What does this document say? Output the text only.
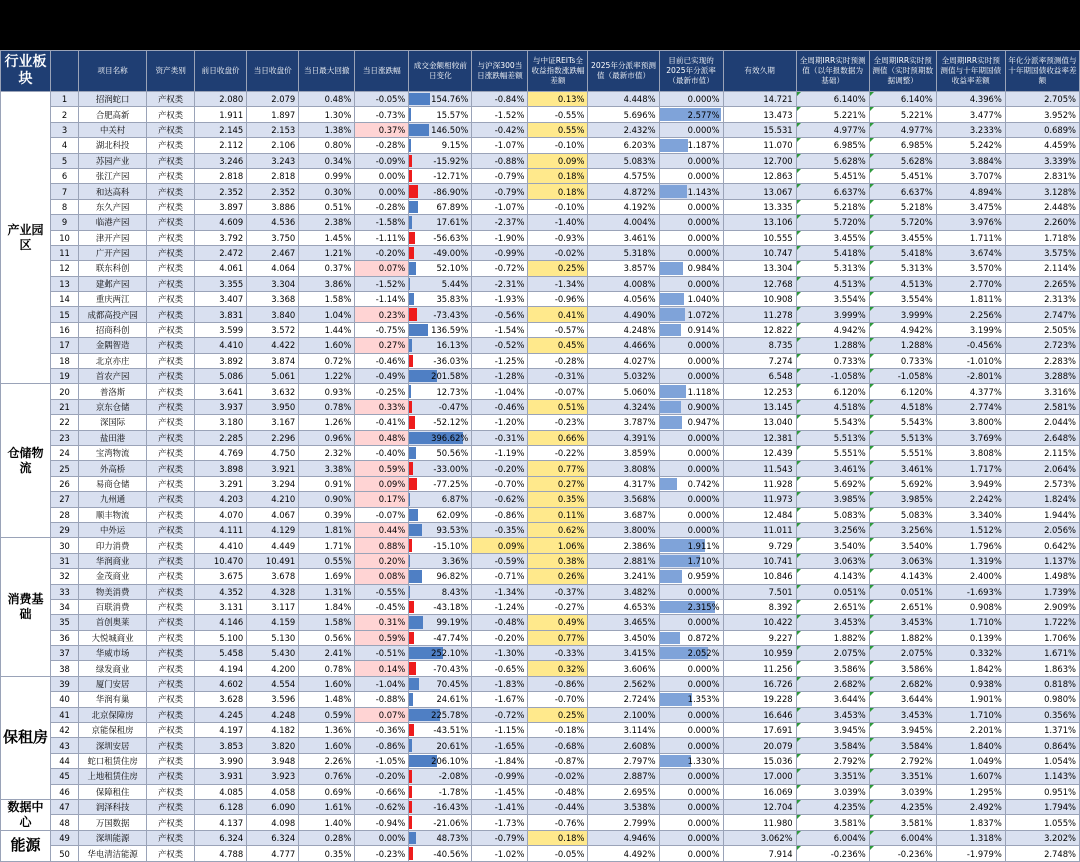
行业板块		项目名称	资产类别	前日收盘价	当日收盘价	当日最大回撤	当日涨跌幅	成交金额相较前日变化	与沪深300当日涨跌幅差额	与中证REITs全收益指数涨跌幅差额	2025年分派率预测值（最新市值）	目前已实现的2025年分派率（最新市值）	有效久期	全周期IRR实时预测值（以年报数据为基础）	全周期IRR实时预测值（实时预期数据调整）	全周期IRR实时预测值与十年期国债收益率差额	年化分派率预测值与十年期国债收益率差额
产业园区	1	招润蛇口	产权类	2.080	2.079	0.48%	-0.05%	154.76%	-0.84%	0.13%	4.448%	0.000%	14.721	6.140%	6.140%	4.396%	2.705%
	2	合肥高新	产权类	1.911	1.897	1.30%	-0.73%	15.57%	-1.52%	-0.55%	5.696%	2.577%	13.473	5.221%	5.221%	3.477%	3.952%
	3	中关村	产权类	2.145	2.153	1.38%	0.37%	146.50%	-0.42%	0.55%	2.432%	0.000%	15.531	4.977%	4.977%	3.233%	0.689%
	4	湖北科投	产权类	2.112	2.106	0.80%	-0.28%	9.15%	-1.07%	-0.10%	6.203%	1.187%	11.070	6.985%	6.985%	5.242%	4.459%
	5	苏园产业	产权类	3.246	3.243	0.34%	-0.09%	-15.92%	-0.88%	0.09%	5.083%	0.000%	12.700	5.628%	5.628%	3.884%	3.339%
	6	张江产园	产权类	2.818	2.818	0.99%	0.00%	-12.71%	-0.79%	0.18%	4.575%	0.000%	12.863	5.451%	5.451%	3.707%	2.831%
	7	和达高科	产权类	2.352	2.352	0.30%	0.00%	-86.90%	-0.79%	0.18%	4.872%	1.143%	13.067	6.637%	6.637%	4.894%	3.128%
	8	东久产园	产权类	3.897	3.886	0.51%	-0.28%	67.89%	-1.07%	-0.10%	4.192%	0.000%	13.335	5.218%	5.218%	3.475%	2.448%
	9	临港产园	产权类	4.609	4.536	2.38%	-1.58%	17.61%	-2.37%	-1.40%	4.004%	0.000%	13.106	5.720%	5.720%	3.976%	2.260%
	10	津开产园	产权类	3.792	3.750	1.45%	-1.11%	-56.63%	-1.90%	-0.93%	3.461%	0.000%	10.555	3.455%	3.455%	1.711%	1.718%
	11	广开产园	产权类	2.472	2.467	1.21%	-0.20%	-49.00%	-0.99%	-0.02%	5.318%	0.000%	10.747	5.418%	5.418%	3.674%	3.575%
	12	联东科创	产权类	4.061	4.064	0.37%	0.07%	52.10%	-0.72%	0.25%	3.857%	0.984%	13.304	5.313%	5.313%	3.570%	2.114%
	13	建邺产园	产权类	3.355	3.304	3.86%	-1.52%	5.44%	-2.31%	-1.34%	4.008%	0.000%	12.768	4.513%	4.513%	2.770%	2.265%
	14	重庆两江	产权类	3.407	3.368	1.58%	-1.14%	35.83%	-1.93%	-0.96%	4.056%	1.040%	10.908	3.554%	3.554%	1.811%	2.313%
	15	成都高投产园	产权类	3.831	3.840	1.04%	0.23%	-73.43%	-0.56%	0.41%	4.490%	1.072%	11.278	3.999%	3.999%	2.256%	2.747%
	16	招商科创	产权类	3.599	3.572	1.44%	-0.75%	136.59%	-1.54%	-0.57%	4.248%	0.914%	12.822	4.942%	4.942%	3.199%	2.505%
	17	金隅智造	产权类	4.410	4.422	1.60%	0.27%	16.13%	-0.52%	0.45%	4.466%	0.000%	8.735	1.288%	1.288%	-0.456%	2.723%
	18	北京亦庄	产权类	3.892	3.874	0.72%	-0.46%	-36.03%	-1.25%	-0.28%	4.027%	0.000%	7.274	0.733%	0.733%	-1.010%	2.283%
	19	首农产园	产权类	5.086	5.061	1.22%	-0.49%	201.58%	-1.28%	-0.31%	5.032%	0.000%	6.548	-1.058%	-1.058%	-2.801%	3.288%
仓储物流	20	普洛斯	产权类	3.641	3.632	0.93%	-0.25%	12.73%	-1.04%	-0.07%	5.060%	1.118%	12.253	6.120%	6.120%	4.377%	3.316%
	21	京东仓储	产权类	3.937	3.950	0.78%	0.33%	-0.47%	-0.46%	0.51%	4.324%	0.900%	13.145	4.518%	4.518%	2.774%	2.581%
	22	深国际	产权类	3.180	3.167	1.26%	-0.41%	-52.12%	-1.20%	-0.23%	3.787%	0.947%	13.040	5.543%	5.543%	3.800%	2.044%
	23	盐田港	产权类	2.285	2.296	0.96%	0.48%	396.62%	-0.31%	0.66%	4.391%	0.000%	12.381	5.513%	5.513%	3.769%	2.648%
	24	宝湾物流	产权类	4.769	4.750	2.32%	-0.40%	50.56%	-1.19%	-0.22%	3.859%	0.000%	12.439	5.551%	5.551%	3.808%	2.115%
	25	外高桥	产权类	3.898	3.921	3.38%	0.59%	-33.00%	-0.20%	0.77%	3.808%	0.000%	11.543	3.461%	3.461%	1.717%	2.064%
	26	易商仓储	产权类	3.291	3.294	0.91%	0.09%	-77.25%	-0.70%	0.27%	4.317%	0.742%	11.928	5.692%	5.692%	3.949%	2.573%
	27	九州通	产权类	4.203	4.210	0.90%	0.17%	6.87%	-0.62%	0.35%	3.568%	0.000%	11.973	3.985%	3.985%	2.242%	1.824%
	28	顺丰物流	产权类	4.070	4.067	0.39%	-0.07%	62.09%	-0.86%	0.11%	3.687%	0.000%	12.484	5.083%	5.083%	3.340%	1.944%
	29	中外运	产权类	4.111	4.129	1.81%	0.44%	93.53%	-0.35%	0.62%	3.800%	0.000%	11.011	3.256%	3.256%	1.512%	2.056%
消费基础	30	印力消费	产权类	4.410	4.449	1.71%	0.88%	-15.10%	0.09%	1.06%	2.386%	1.911%	9.729	3.540%	3.540%	1.796%	0.642%
	31	华润商业	产权类	10.470	10.491	0.55%	0.20%	3.36%	-0.59%	0.38%	2.881%	1.710%	10.741	3.063%	3.063%	1.319%	1.137%
	32	金茂商业	产权类	3.675	3.678	1.69%	0.08%	96.82%	-0.71%	0.26%	3.241%	0.959%	10.846	4.143%	4.143%	2.400%	1.498%
	33	物美消费	产权类	4.352	4.328	1.31%	-0.55%	8.43%	-1.34%	-0.37%	3.482%	0.000%	7.501	0.051%	0.051%	-1.693%	1.739%
	34	百联消费	产权类	3.131	3.117	1.84%	-0.45%	-43.18%	-1.24%	-0.27%	4.653%	2.315%	8.392	2.651%	2.651%	0.908%	2.909%
	35	首创奥莱	产权类	4.146	4.159	1.58%	0.31%	99.19%	-0.48%	0.49%	3.465%	0.000%	10.422	3.453%	3.453%	1.710%	1.722%
	36	大悦城商业	产权类	5.100	5.130	0.56%	0.59%	-47.74%	-0.20%	0.77%	3.450%	0.872%	9.227	1.882%	1.882%	0.139%	1.706%
	37	华威市场	产权类	5.458	5.430	2.41%	-0.51%	252.10%	-1.30%	-0.33%	3.415%	2.052%	10.959	2.075%	2.075%	0.332%	1.671%
	38	绿发商业	产权类	4.194	4.200	0.78%	0.14%	-70.43%	-0.65%	0.32%	3.606%	0.000%	11.256	3.586%	3.586%	1.842%	1.863%
保租房	39	厦门安居	产权类	4.602	4.554	1.60%	-1.04%	70.45%	-1.83%	-0.86%	2.562%	0.000%	16.726	2.682%	2.682%	0.938%	0.818%
	40	华润有巢	产权类	3.628	3.596	1.48%	-0.88%	24.61%	-1.67%	-0.70%	2.724%	1.353%	19.228	3.644%	3.644%	1.901%	0.980%
	41	北京保障房	产权类	4.245	4.248	0.59%	0.07%	225.78%	-0.72%	0.25%	2.100%	0.000%	16.646	3.453%	3.453%	1.710%	0.356%
	42	京能保租房	产权类	4.197	4.182	1.36%	-0.36%	-43.51%	-1.15%	-0.18%	3.114%	0.000%	17.691	3.945%	3.945%	2.201%	1.371%
	43	深圳安居	产权类	3.853	3.820	1.60%	-0.86%	20.61%	-1.65%	-0.68%	2.608%	0.000%	20.079	3.584%	3.584%	1.840%	0.864%
	44	蛇口租赁住房	产权类	3.990	3.948	2.26%	-1.05%	206.10%	-1.84%	-0.87%	2.797%	1.330%	15.036	2.792%	2.792%	1.049%	1.054%
	45	上地租赁住房	产权类	3.931	3.923	0.76%	-0.20%	-2.08%	-0.99%	-0.02%	2.887%	0.000%	17.000	3.351%	3.351%	1.607%	1.143%
	46	保障租住	产权类	4.085	4.058	0.69%	-0.66%	-1.78%	-1.45%	-0.48%	2.695%	0.000%	16.069	3.039%	3.039%	1.295%	0.951%
数据中心	47	润泽科技	产权类	6.128	6.090	1.61%	-0.62%	-16.43%	-1.41%	-0.44%	3.538%	0.000%	12.704	4.235%	4.235%	2.492%	1.794%
	48	万国数据	产权类	4.137	4.098	1.40%	-0.94%	-21.06%	-1.73%	-0.76%	2.799%	0.000%	11.980	3.581%	3.581%	1.837%	1.055%
能源	49	深圳能源	产权类	6.324	6.324	0.28%	0.00%	48.73%	-0.79%	0.18%	4.946%	0.000%	3.062%	6.004%	6.004%	1.318%	3.202%
	50	华电清洁能源	产权类	4.788	4.777	0.35%	-0.23%	-40.56%	-1.02%	-0.05%	4.492%	0.000%	7.914	-0.236%	-0.236%	-1.979%	2.748%
